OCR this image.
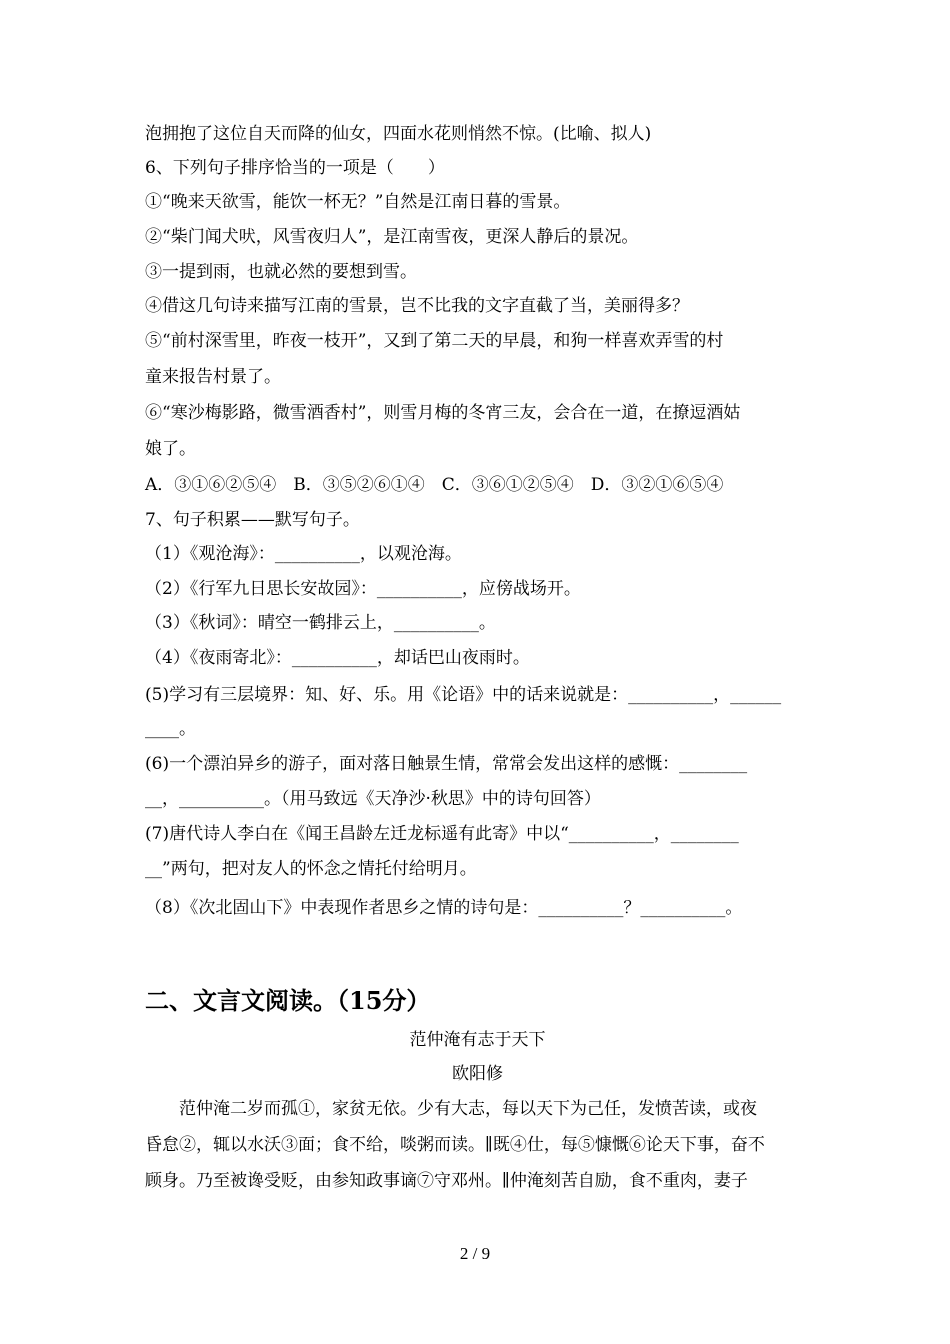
泡拥抱了这位自天而降的仙女，四面水花则悄然不惊。(比喻、拟人)
6、下列句子排序恰当的一项是（　　）
①“晚来天欲雪，能饮一杯无？”自然是江南日暮的雪景。
②“柴门闻犬吠，风雪夜归人”，是江南雪夜，更深人静后的景况。
③一提到雨，也就必然的要想到雪。
④借这几句诗来描写江南的雪景，岂不比我的文字直截了当，美丽得多？
⑤“前村深雪里，昨夜一枝开”，又到了第二天的早晨，和狗一样喜欢弄雪的村
童来报告村景了。
⑥“寒沙梅影路，微雪酒香村”，则雪月梅的冬宵三友，会合在一道，在撩逗酒姑
娘了。
A．③①⑥②⑤④　B．③⑤②⑥①④　C．③⑥①②⑤④　D．③②①⑥⑤④
7、句子积累——默写句子。
（1）《观沧海》：__________，以观沧海。
（2）《行军九日思长安故园》：__________，应傍战场开。
（3）《秋词》：晴空一鹤排云上，__________。
（4）《夜雨寄北》：__________，却话巴山夜雨时。
(5)学习有三层境界：知、好、乐。用《论语》中的话来说就是：__________，______
____。
(6)一个漂泊异乡的游子，面对落日触景生情，常常会发出这样的感慨：________
__，__________。（用马致远《天净沙·秋思》中的诗句回答）
(7)唐代诗人李白在《闻王昌龄左迁龙标遥有此寄》中以“__________，________
__”两句，把对友人的怀念之情托付给明月。
（8）《次北固山下》中表现作者思乡之情的诗句是：__________？__________。
二、文言文阅读。（15分）
范仲淹有志于天下
欧阳修
范仲淹二岁而孤①，家贫无依。少有大志，每以天下为己任，发愤苦读，或夜
昏怠②，辄以水沃③面；食不给，啖粥而读。∥既④仕，每⑤慷慨⑥论天下事，奋不
顾身。乃至被谗受贬，由参知政事谪⑦守邓州。∥仲淹刻苦自励，食不重肉，妻子
2 / 9
